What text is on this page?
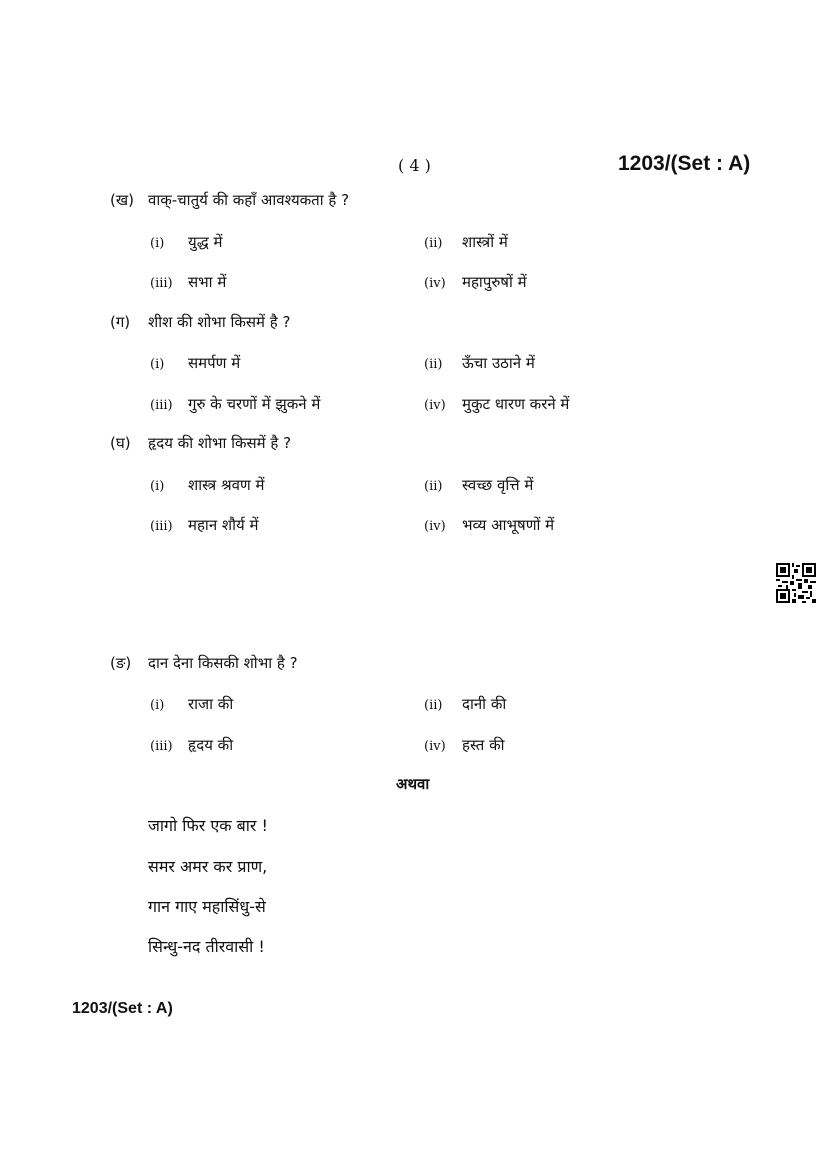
( 4 )	1203/(Set : A)
(ख) वाक्-चातुर्य की कहाँ आवश्यकता है ?
(i) युद्ध में	(ii) शास्त्रों में
(iii) सभा में	(iv) महापुरुषों में
(ग) शीश की शोभा किसमें है ?
(i) समर्पण में	(ii) ऊँचा उठाने में
(iii) गुरु के चरणों में झुकने में	(iv) मुकुट धारण करने में
(घ) हृदय की शोभा किसमें है ?
(i) शास्त्र श्रवण में	(ii) स्वच्छ वृत्ति में
(iii) महान शौर्य में	(iv) भव्य आभूषणों में
(ङ) दान देना किसकी शोभा है ?
(i) राजा की	(ii) दानी की
(iii) हृदय की	(iv) हस्त की
अथवा
जागो फिर एक बार !
समर अमर कर प्राण,
गान गाए महासिंधु-से
सिन्धु-नद तीरवासी !
1203/(Set : A)
